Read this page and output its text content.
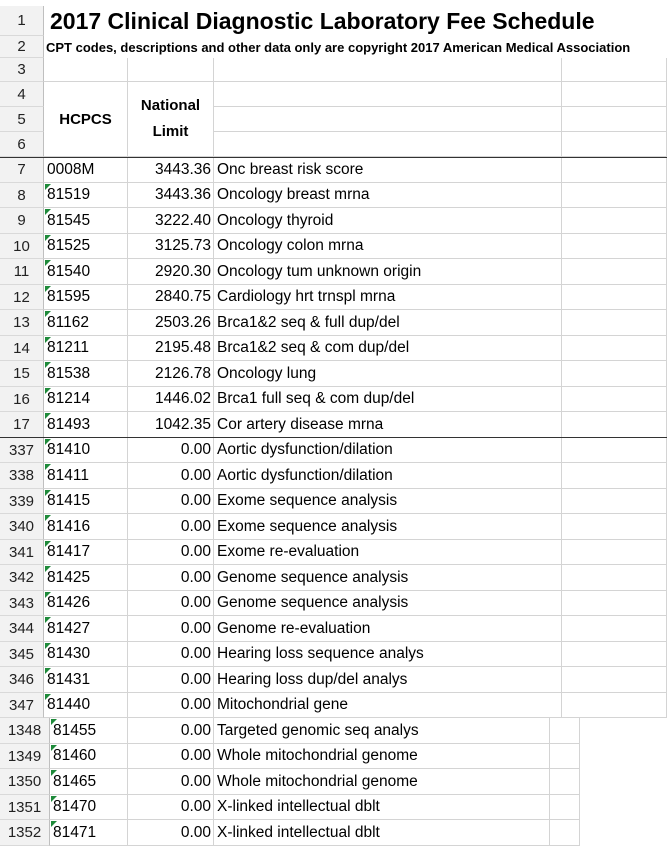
1
2
3
4
5
6
HCPCS
National
Limit
2017 Clinical Diagnostic Laboratory Fee Schedule
CPT codes, descriptions and other data only are copyright 2017 American Medical Association
7	0008M	3443.36 Onc breast risk score
8	81519	3443.36 Oncology breast mrna
9	81545	3222.40 Oncology thyroid
10	81525	3125.73 Oncology colon mrna
11	81540	2920.30 Oncology tum unknown origin
12	81595	2840.75 Cardiology hrt trnspl mrna
13	81162	2503.26 Brca1&2 seq & full dup/del
14	81211	2195.48 Brca1&2 seq & com dup/del
15	81538	2126.78 Oncology lung
16	81214	1446.02 Brca1 full seq & com dup/del
17	81493	1042.35 Cor artery disease mrna
337 81410	0.00 Aortic dysfunction/dilation
338 81411	0.00 Aortic dysfunction/dilation
339 81415	0.00 Exome sequence analysis
340 81416	0.00 Exome sequence analysis
341 81417	0.00 Exome re-evaluation
342 81425	0.00 Genome sequence analysis
343 81426	0.00 Genome sequence analysis
344 81427	0.00 Genome re-evaluation
345 81430	0.00 Hearing loss sequence analys
346 81431	0.00 Hearing loss dup/del analys
347 81440	0.00 Mitochondrial gene
1348 81455	0.00 Targeted genomic seq analys
1349 81460	0.00 Whole mitochondrial genome
1350 81465	0.00 Whole mitochondrial genome
1351 81470	0.00 X-linked intellectual dblt
1352 81471	0.00 X-linked intellectual dblt
